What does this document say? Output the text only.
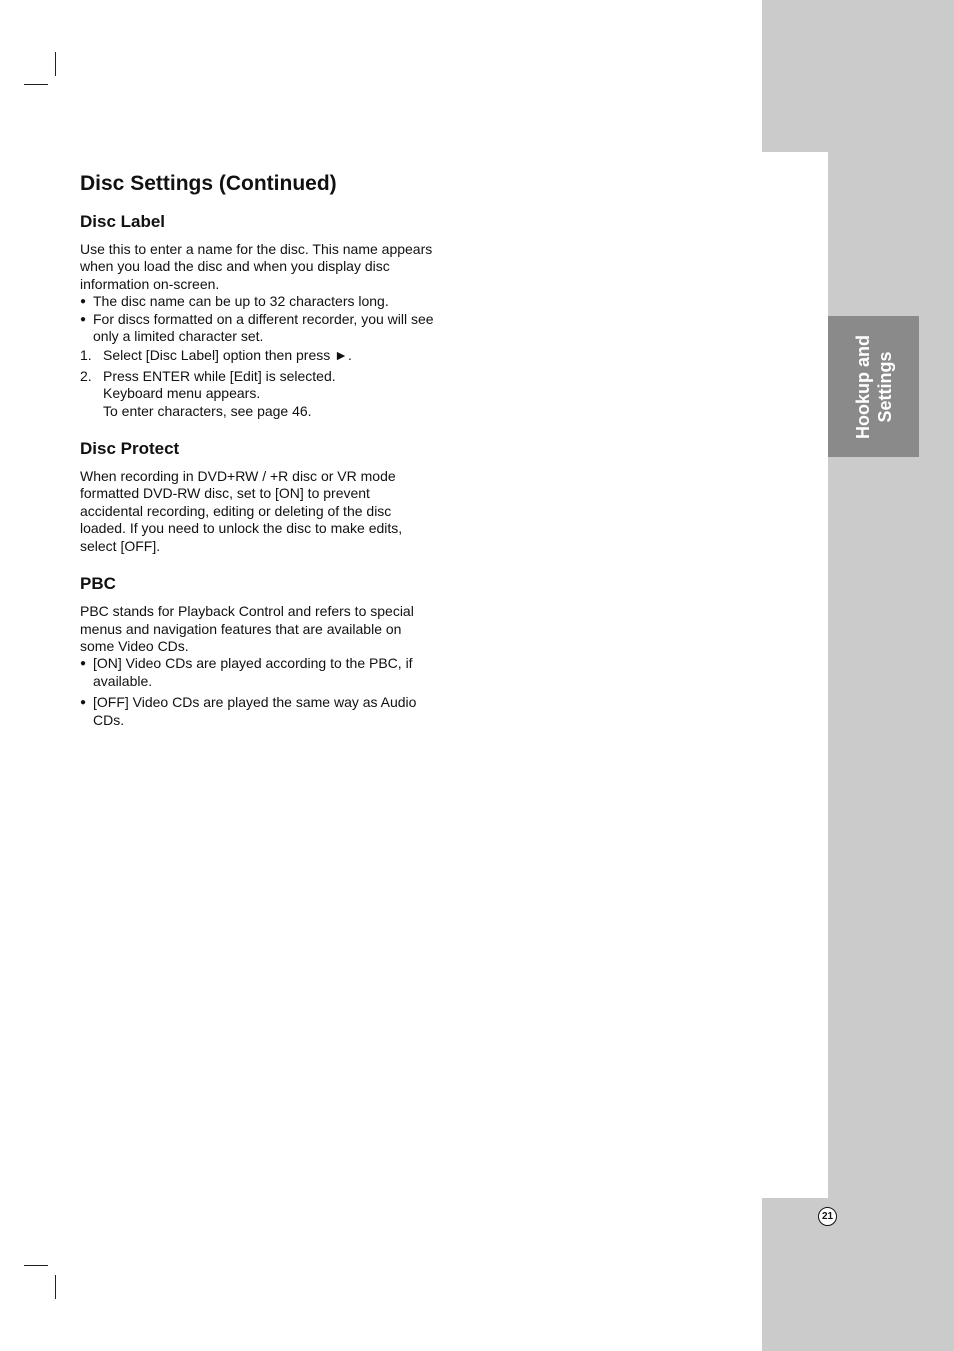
Hookup and Settings
21
Disc Settings (Continued)
Disc Label

Use this to enter a name for the disc. This name appears when you load the disc and when you display disc information on-screen.

● The disc name can be up to 32 characters long.
● For discs formatted on a different recorder, you will see only a limited character set.
1. Select [Disc Label] option then press ►.
2. Press ENTER while [Edit] is selected.
Keyboard menu appears.
To enter characters, see page 46.
Disc Protect

When recording in DVD+RW / +R disc or VR mode formatted DVD-RW disc, set to [ON] to prevent accidental recording, editing or deleting of the disc loaded. If you need to unlock the disc to make edits, select [OFF].

PBC

PBC stands for Playback Control and refers to special menus and navigation features that are available on some Video CDs.

● [ON] Video CDs are played according to the PBC, if available.
● [OFF] Video CDs are played the same way as Audio CDs.
